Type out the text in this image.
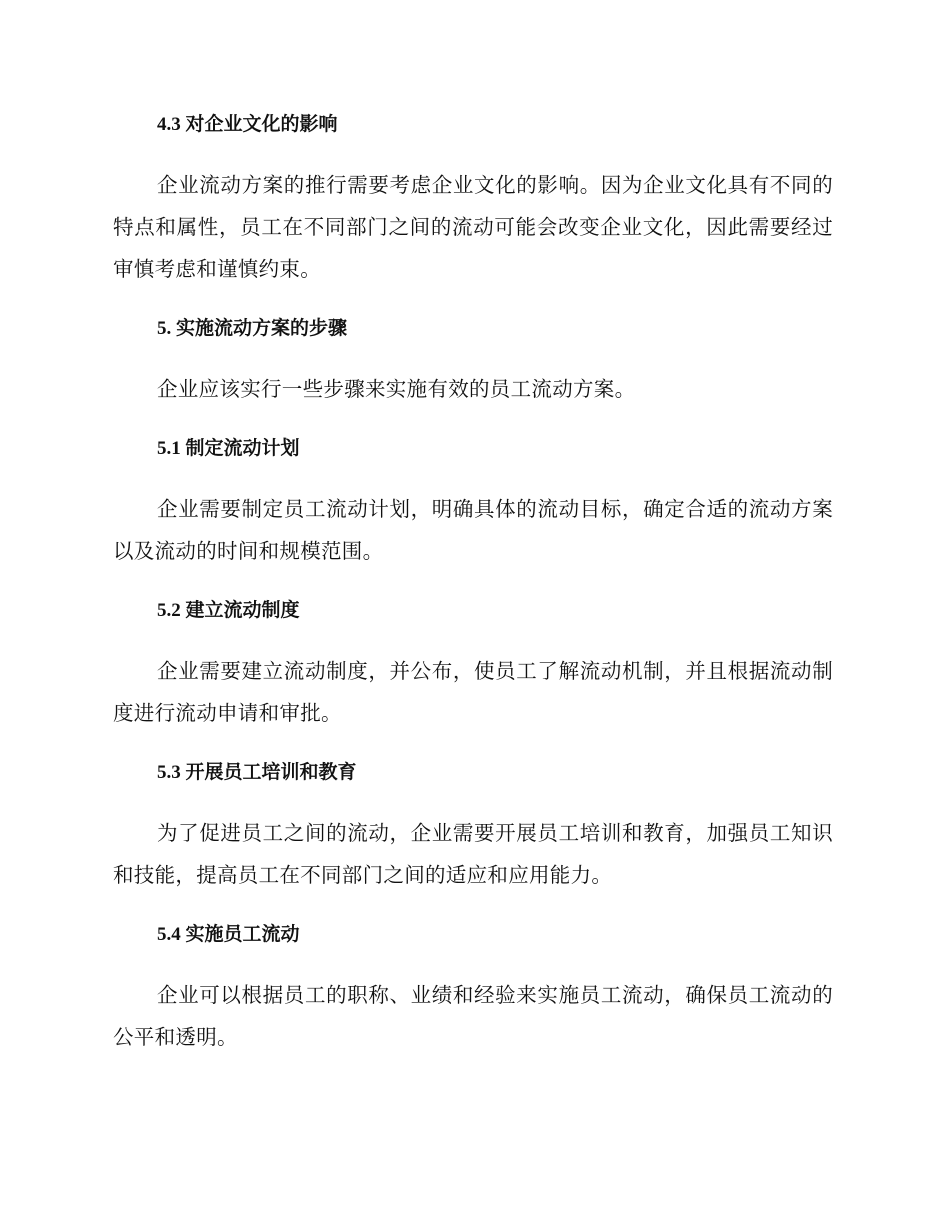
4.3 对企业文化的影响

企业流动方案的推行需要考虑企业文化的影响。因为企业文化具有不同的特点和属性，员工在不同部门之间的流动可能会改变企业文化，因此需要经过审慎考虑和谨慎约束。

5. 实施流动方案的步骤

企业应该实行一些步骤来实施有效的员工流动方案。

5.1 制定流动计划

企业需要制定员工流动计划，明确具体的流动目标，确定合适的流动方案以及流动的时间和规模范围。

5.2 建立流动制度

企业需要建立流动制度，并公布，使员工了解流动机制，并且根据流动制度进行流动申请和审批。

5.3 开展员工培训和教育

为了促进员工之间的流动，企业需要开展员工培训和教育，加强员工知识和技能，提高员工在不同部门之间的适应和应用能力。

5.4 实施员工流动

企业可以根据员工的职称、业绩和经验来实施员工流动，确保员工流动的公平和透明。
